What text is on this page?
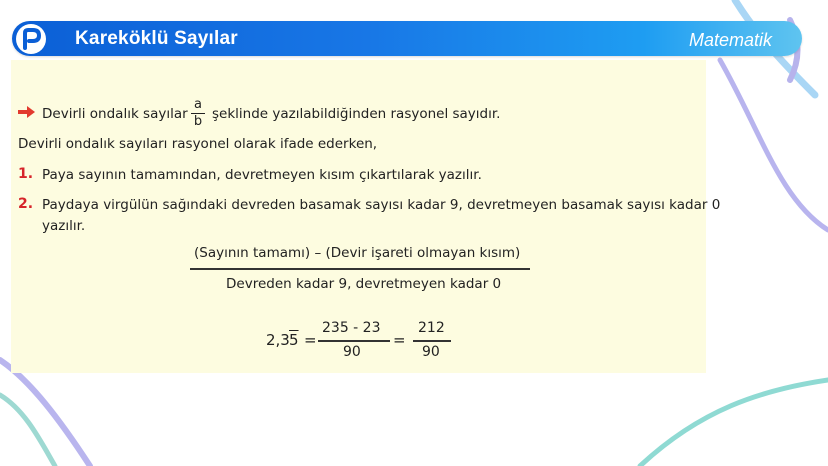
Kareköklü Sayılar	Matematik
Devirli ondalık sayılar
a
b şeklinde yazılabildiğinden rasyonel sayıdır.
Devirli ondalık sayıları rasyonel olarak ifade ederken,
1. Paya sayının tamamından, devretmeyen kısım çıkartılarak yazılır.
2. Paydaya virgülün sağındaki devreden basamak sayısı kadar 9, devretmeyen basamak sayısı kadar 0
yazılır.
(Sayının tamamı) – (Devir işareti olmayan kısım)
Devreden kadar 9, devretmeyen kadar 0
2,3 5 =
235 - 23
90
=
212
90
